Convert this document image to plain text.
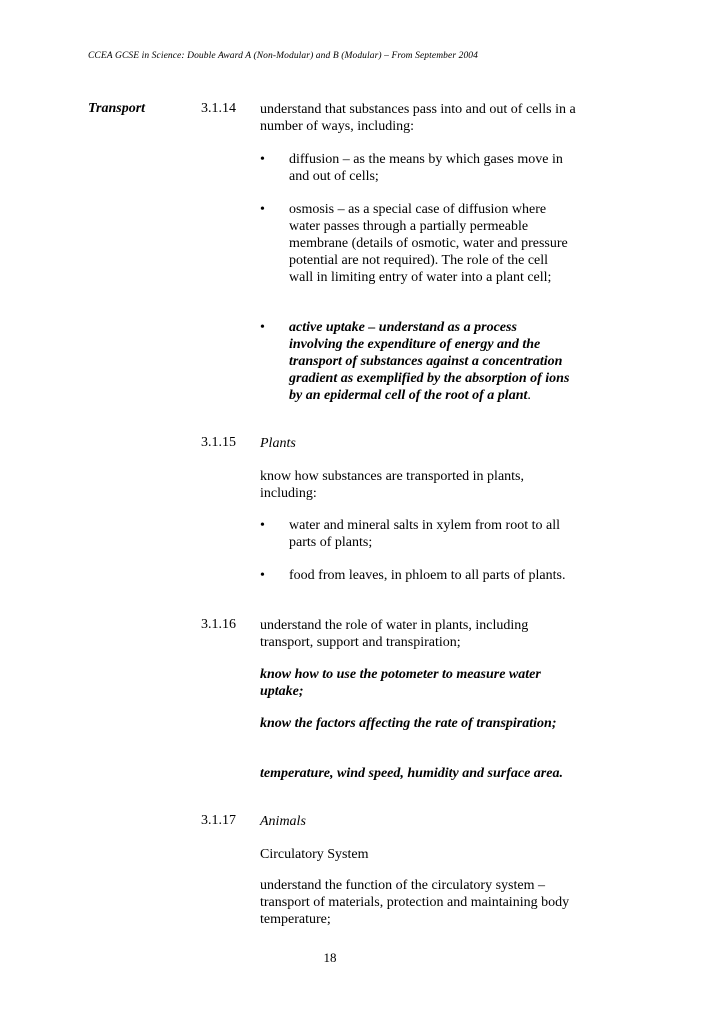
CCEA GCSE in Science: Double Award A (Non-Modular) and B (Modular) – From September 2004
Transport	3.1.14 understand that substances pass into and out of cells in a number of ways, including:
• diffusion – as the means by which gases move in and out of cells;
• osmosis – as a special case of diffusion where water passes through a partially permeable membrane (details of osmotic, water and pressure potential are not required). The role of the cell wall in limiting entry of water into a plant cell;
• active uptake – understand as a process involving the expenditure of energy and the transport of substances against a concentration gradient as exemplified by the absorption of ions by an epidermal cell of the root of a plant.
3.1.15 Plants
know how substances are transported in plants, including:
• water and mineral salts in xylem from root to all parts of plants;
• food from leaves, in phloem to all parts of plants.
3.1.16 understand the role of water in plants, including transport, support and transpiration;
know how to use the potometer to measure water uptake;
know the factors affecting the rate of transpiration;
temperature, wind speed, humidity and surface area.
3.1.17 Animals
Circulatory System
understand the function of the circulatory system – transport of materials, protection and maintaining body temperature;
18
